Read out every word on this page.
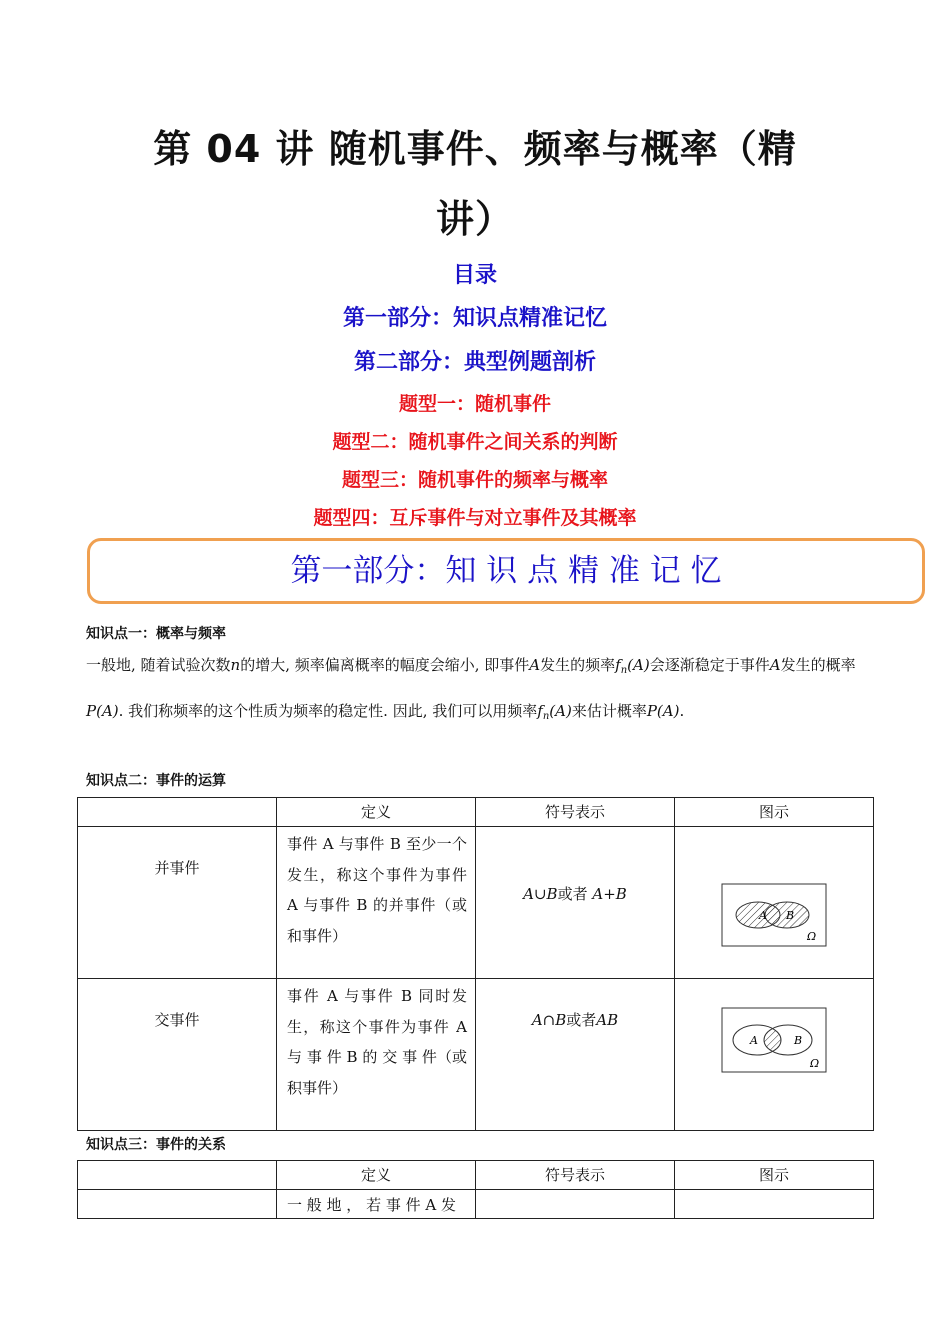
第 04 讲 随机事件、频率与概率（精
讲）
目录
第一部分：知识点精准记忆
第二部分：典型例题剖析
题型一：随机事件
题型二：随机事件之间关系的判断
题型三：随机事件的频率与概率
题型四：互斥事件与对立事件及其概率
第一部分：知 识 点 精 准 记 忆
知识点一：概率与频率
一般地, 随着试验次数n的增大, 频率偏离概率的幅度会缩小, 即事件A发生的频率$f_n(A)$会逐渐稳定于事件A发生的概率P(A). 我们称频率的这个性质为频率的稳定性. 因此, 我们可以用频率$f_n(A)$来估计概率P(A).
知识点二：事件的运算
	定义	符号表示	图示
并事件	事件 A 与事件 B 至少一个发生，称这个事件为事件 A 与事件 B 的并事件（或和事件）	A∪B或者 A+B	A B
Ω

交事件	事件 A 与事件 B 同时发生，称这个事件为事件 A 与 事 件 B 的 交 事 件（或积事件）	A∩B或者AB	A B
Ω
知识点三：事件的关系
	定义	符号表示	图示
	一 般 地 ， 若 事 件 A 发		
